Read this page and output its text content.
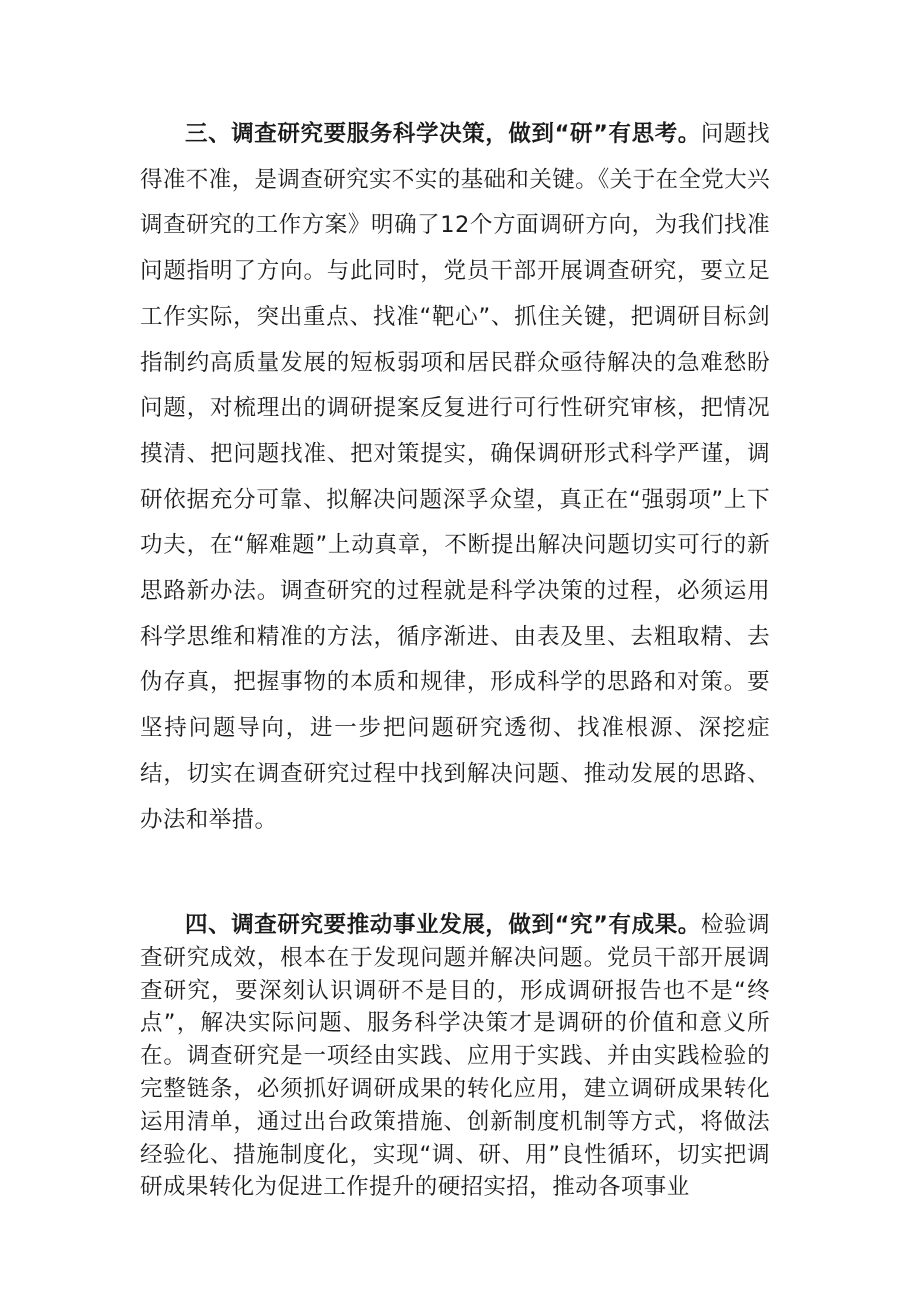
三、调查研究要服务科学决策，做到“研”有思考。问题找得准不准，是调查研究实不实的基础和关键。《关于在全党大兴调查研究的工作方案》明确了12个方面调研方向，为我们找准问题指明了方向。与此同时，党员干部开展调查研究，要立足工作实际，突出重点、找准“靶心”、抓住关键，把调研目标剑指制约高质量发展的短板弱项和居民群众亟待解决的急难愁盼问题，对梳理出的调研提案反复进行可行性研究审核，把情况摸清、把问题找准、把对策提实，确保调研形式科学严谨，调研依据充分可靠、拟解决问题深孚众望，真正在“强弱项”上下功夫，在“解难题”上动真章，不断提出解决问题切实可行的新思路新办法。调查研究的过程就是科学决策的过程，必须运用科学思维和精准的方法，循序渐进、由表及里、去粗取精、去伪存真，把握事物的本质和规律，形成科学的思路和对策。要坚持问题导向，进一步把问题研究透彻、找准根源、深挖症结，切实在调查研究过程中找到解决问题、推动发展的思路、办法和举措。

四、调查研究要推动事业发展，做到“究”有成果。检验调查研究成效，根本在于发现问题并解决问题。党员干部开展调查研究，要深刻认识调研不是目的，形成调研报告也不是“终点”，解决实际问题、服务科学决策才是调研的价值和意义所在。调查研究是一项经由实践、应用于实践、并由实践检验的完整链条，必须抓好调研成果的转化应用，建立调研成果转化运用清单，通过出台政策措施、创新制度机制等方式，将做法经验化、措施制度化，实现“调、研、用”良性循环，切实把调研成果转化为促进工作提升的硬招实招，推动各项事业
